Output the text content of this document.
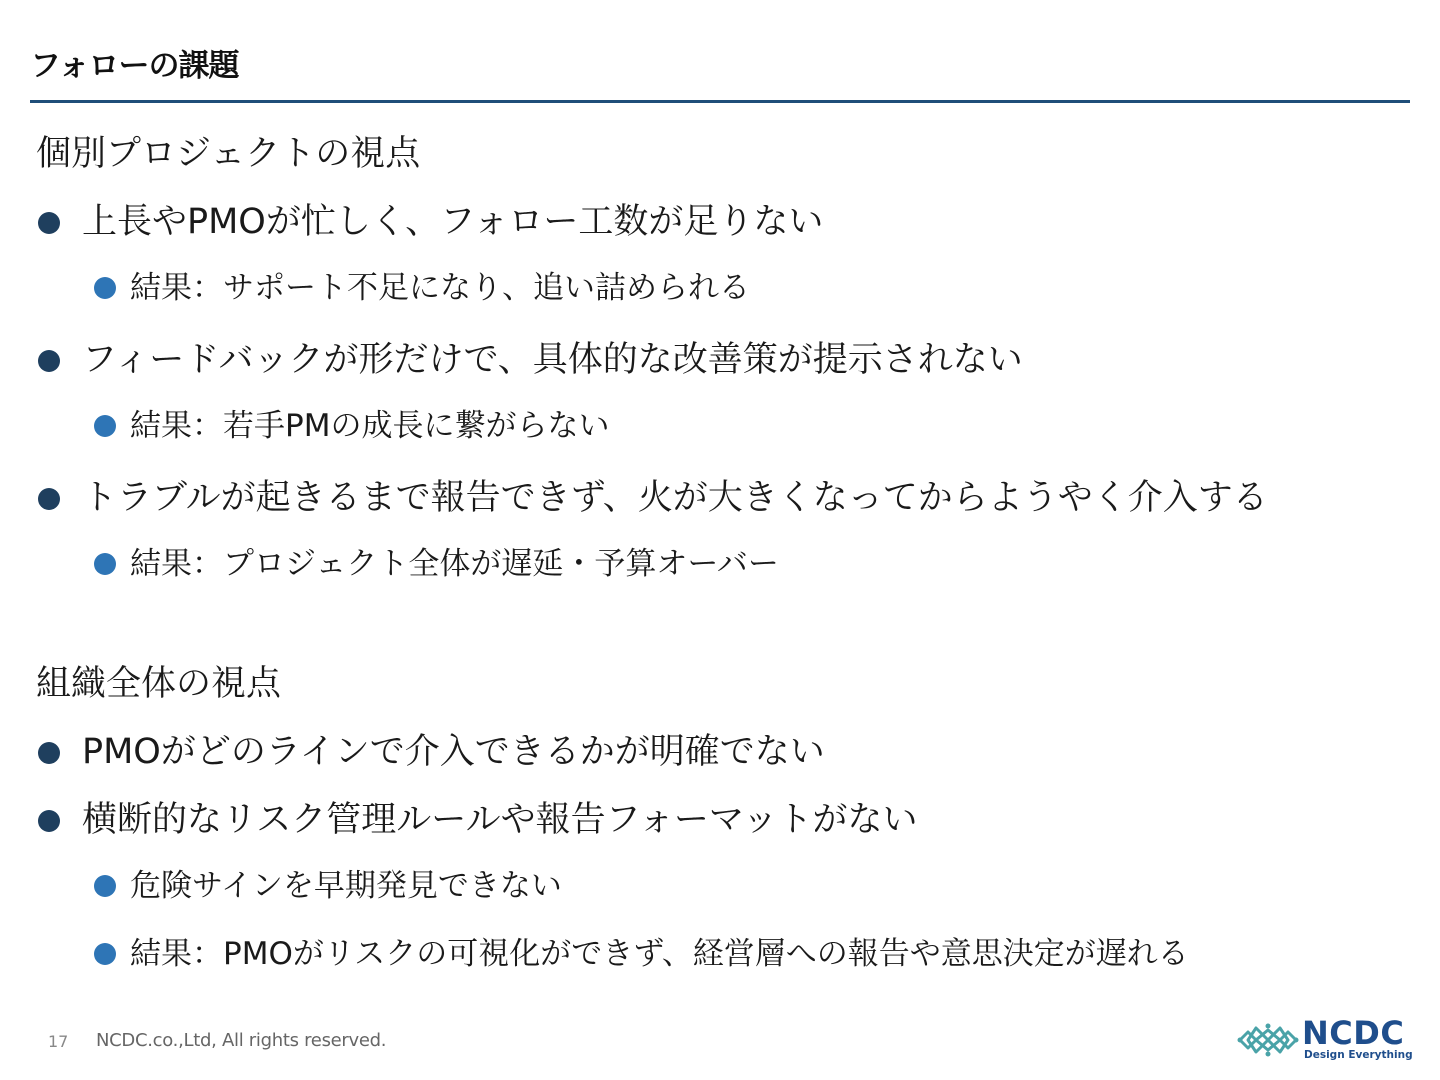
フォローの課題
個別プロジェクトの視点
上長やPMOが忙しく、フォロー工数が足りない
結果：サポート不足になり、追い詰められる
フィードバックが形だけで、具体的な改善策が提示されない
結果：若手PMの成長に繋がらない
トラブルが起きるまで報告できず、火が大きくなってからようやく介入する
結果：プロジェクト全体が遅延・予算オーバー
組織全体の視点
PMOがどのラインで介入できるかが明確でない
横断的なリスク管理ルールや報告フォーマットがない
危険サインを早期発見できない
結果：PMOがリスクの可視化ができず、経営層への報告や意思決定が遅れる
17 NCDC.co.,Ltd, All rights reserved.	NCDC
Design Everything
